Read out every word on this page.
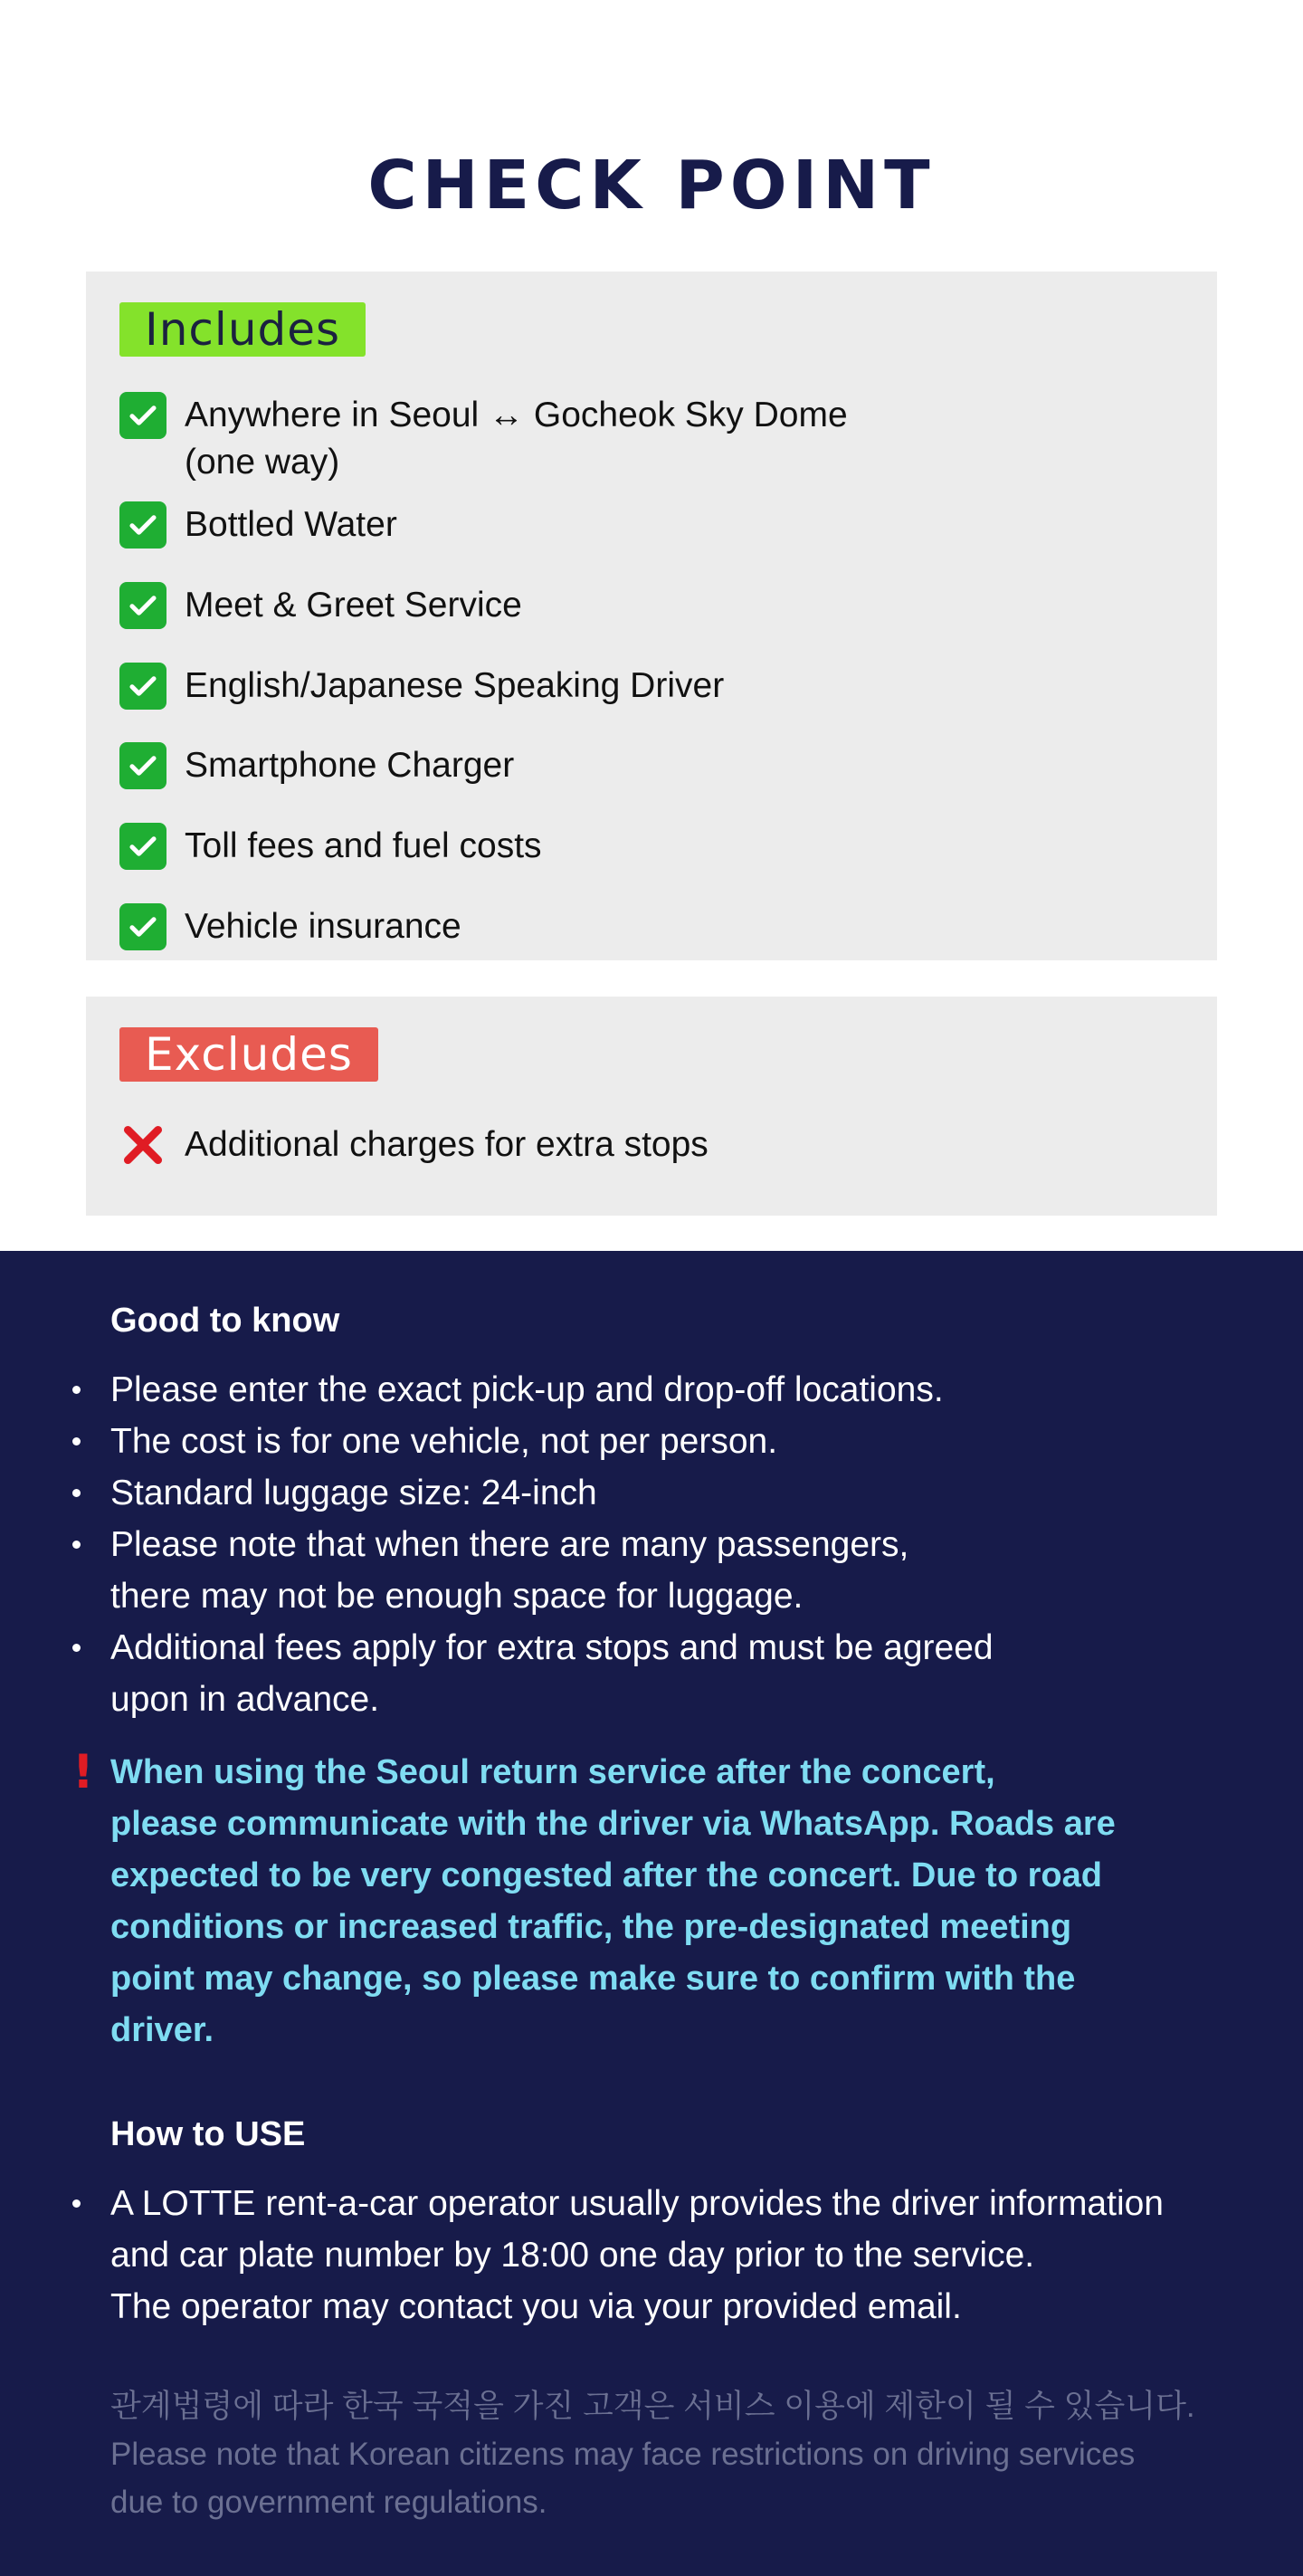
CHECK POINT
Includes
Anywhere in Seoul ↔ Gocheok Sky Dome
(one way)
Bottled Water
Meet & Greet Service
English/Japanese Speaking Driver
Smartphone Charger
Toll fees and fuel costs
Vehicle insurance
Excludes
Additional charges for extra stops
Good to know
Please enter the exact pick-up and drop-off locations.
The cost is for one vehicle, not per person.
Standard luggage size: 24-inch
Please note that when there are many passengers,
there may not be enough space for luggage.
Additional fees apply for extra stops and must be agreed
upon in advance.
! When using the Seoul return service after the concert,
please communicate with the driver via WhatsApp. Roads are
expected to be very congested after the concert. Due to road
conditions or increased traffic, the pre-designated meeting
point may change, so please make sure to confirm with the
driver.
How to USE
A LOTTE rent-a-car operator usually provides the driver information
and car plate number by 18:00 one day prior to the service.
The operator may contact you via your provided email.
관계법령에 따라 한국 국적을 가진 고객은 서비스 이용에 제한이 될 수 있습니다.
Please note that Korean citizens may face restrictions on driving services
due to government regulations.
